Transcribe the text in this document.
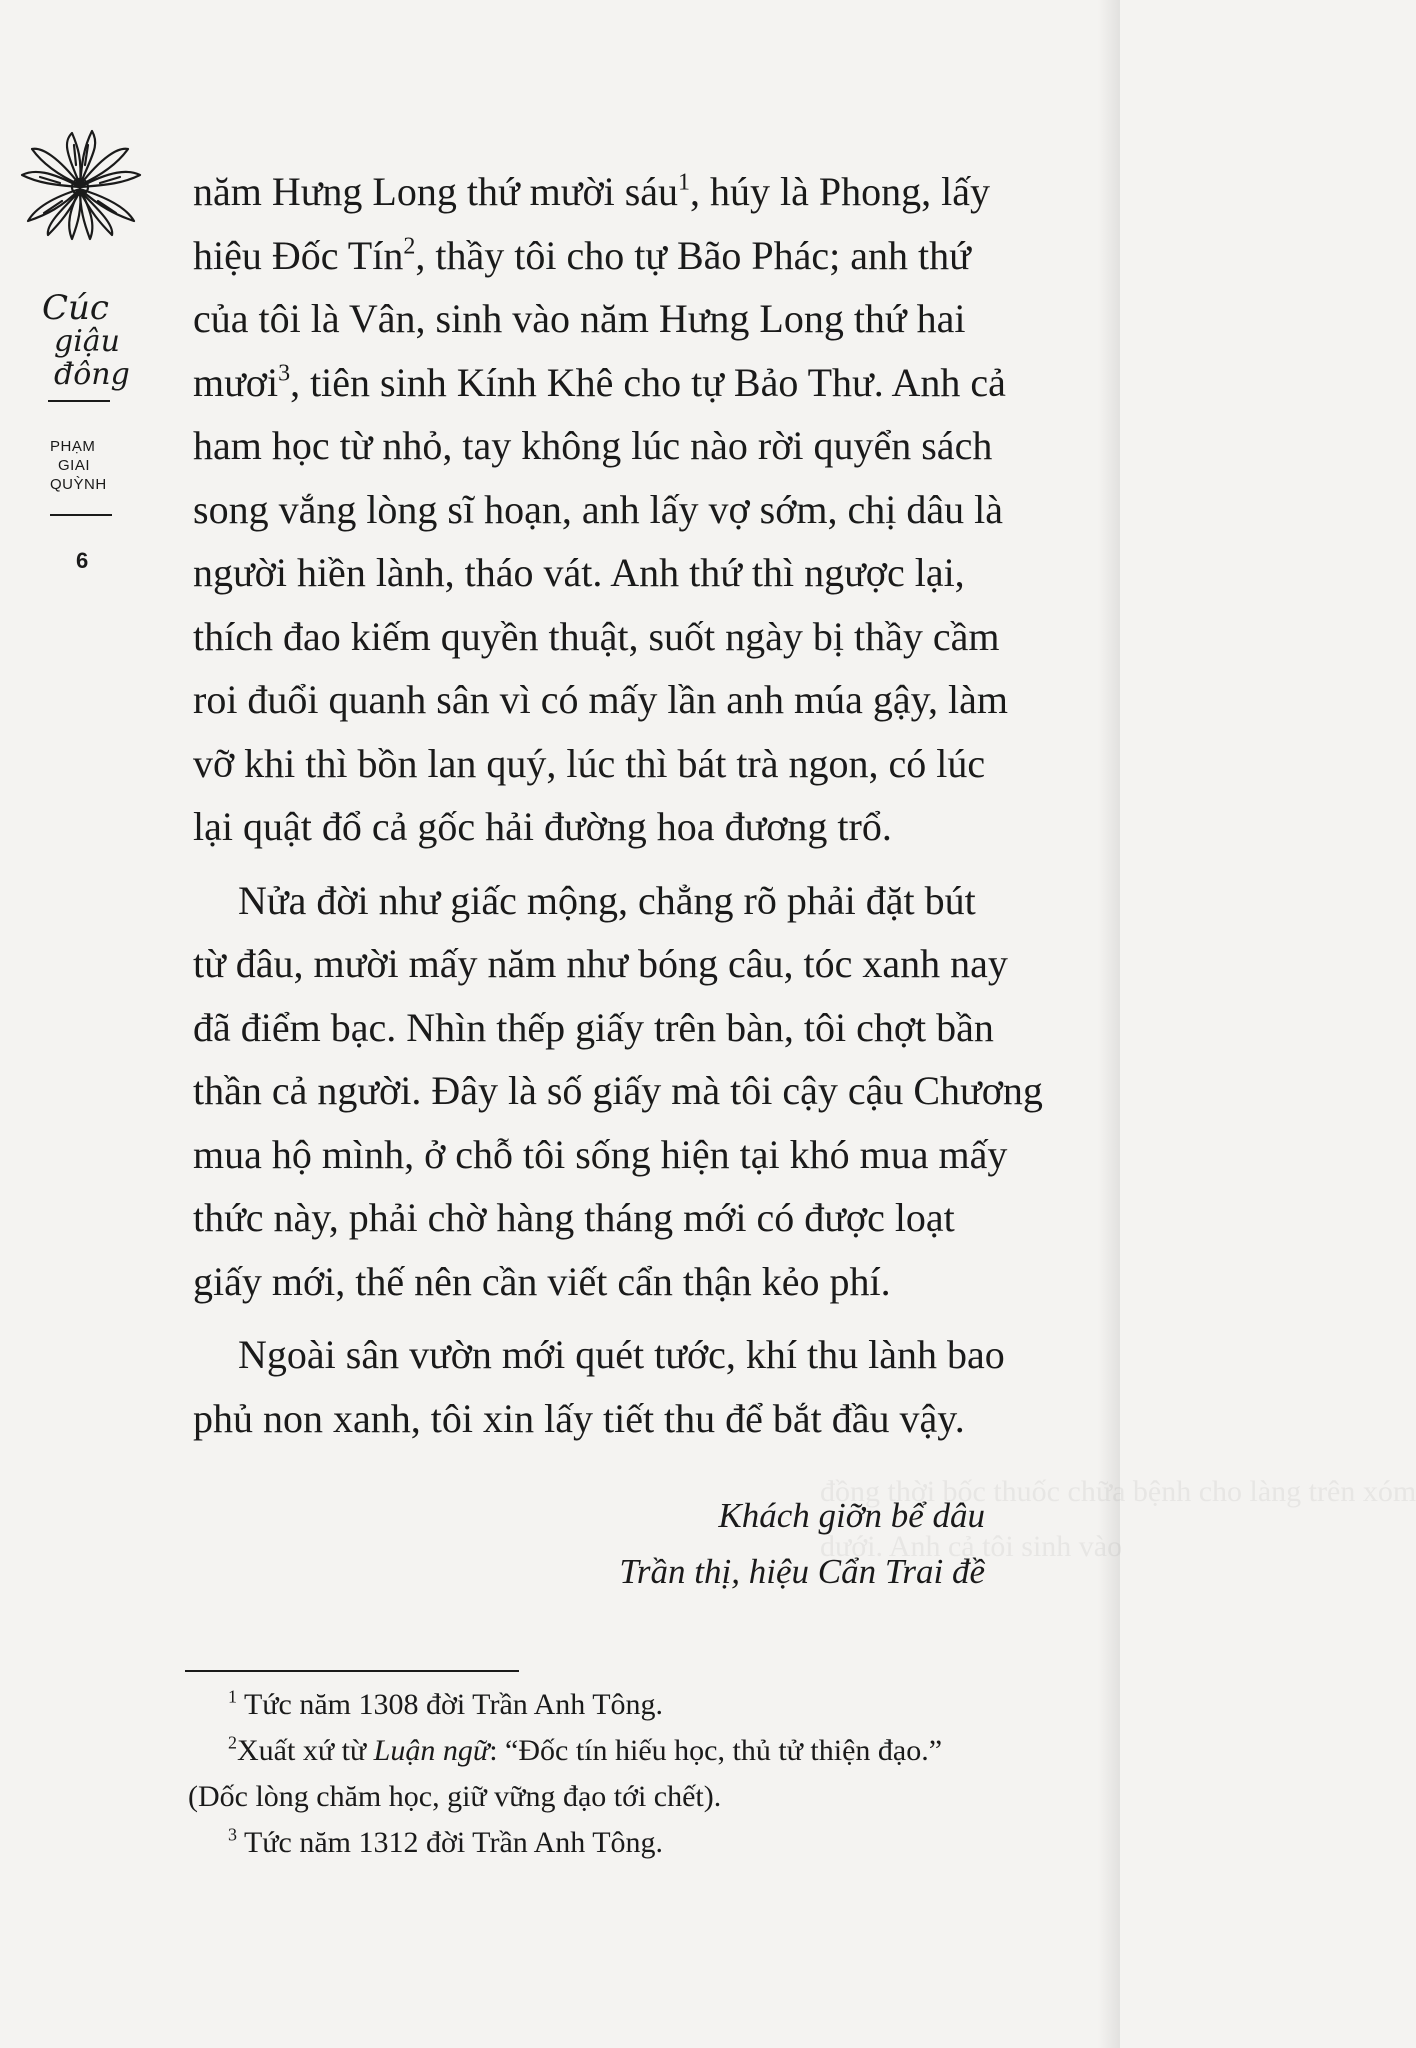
đồng thời bốc thuốc chữa bệnh cho làng trên xóm
dưới. Anh cả tôi sinh vào
Cúc
giậu
đông
PHẠM
GIAI
QUỲNH
6
năm Hưng Long thứ mười sáu$^1$, húy là Phong, lấy
hiệu Đốc Tín$^2$, thầy tôi cho tự Bão Phác; anh thứ
của tôi là Vân, sinh vào năm Hưng Long thứ hai
mươi$^3$, tiên sinh Kính Khê cho tự Bảo Thư. Anh cả
ham học từ nhỏ, tay không lúc nào rời quyển sách
song vắng lòng sĩ hoạn, anh lấy vợ sớm, chị dâu là
người hiền lành, tháo vát. Anh thứ thì ngược lại,
thích đao kiếm quyền thuật, suốt ngày bị thầy cầm
roi đuổi quanh sân vì có mấy lần anh múa gậy, làm
vỡ khi thì bồn lan quý, lúc thì bát trà ngon, có lúc
lại quật đổ cả gốc hải đường hoa đương trổ.
Nửa đời như giấc mộng, chẳng rõ phải đặt bút
từ đâu, mười mấy năm như bóng câu, tóc xanh nay
đã điểm bạc. Nhìn thếp giấy trên bàn, tôi chợt bần
thần cả người. Đây là số giấy mà tôi cậy cậu Chương
mua hộ mình, ở chỗ tôi sống hiện tại khó mua mấy
thức này, phải chờ hàng tháng mới có được loạt
giấy mới, thế nên cần viết cẩn thận kẻo phí.
Ngoài sân vườn mới quét tước, khí thu lành bao
phủ non xanh, tôi xin lấy tiết thu để bắt đầu vậy.
Khách giỡn bể dâu
Trần thị, hiệu Cẩn Trai đề
$^1$ Tức năm 1308 đời Trần Anh Tông.
$^2$Xuất xứ từ Luận ngữ: “Đốc tín hiếu học, thủ tử thiện đạo.”
(Dốc lòng chăm học, giữ vững đạo tới chết).
$^3$ Tức năm 1312 đời Trần Anh Tông.
